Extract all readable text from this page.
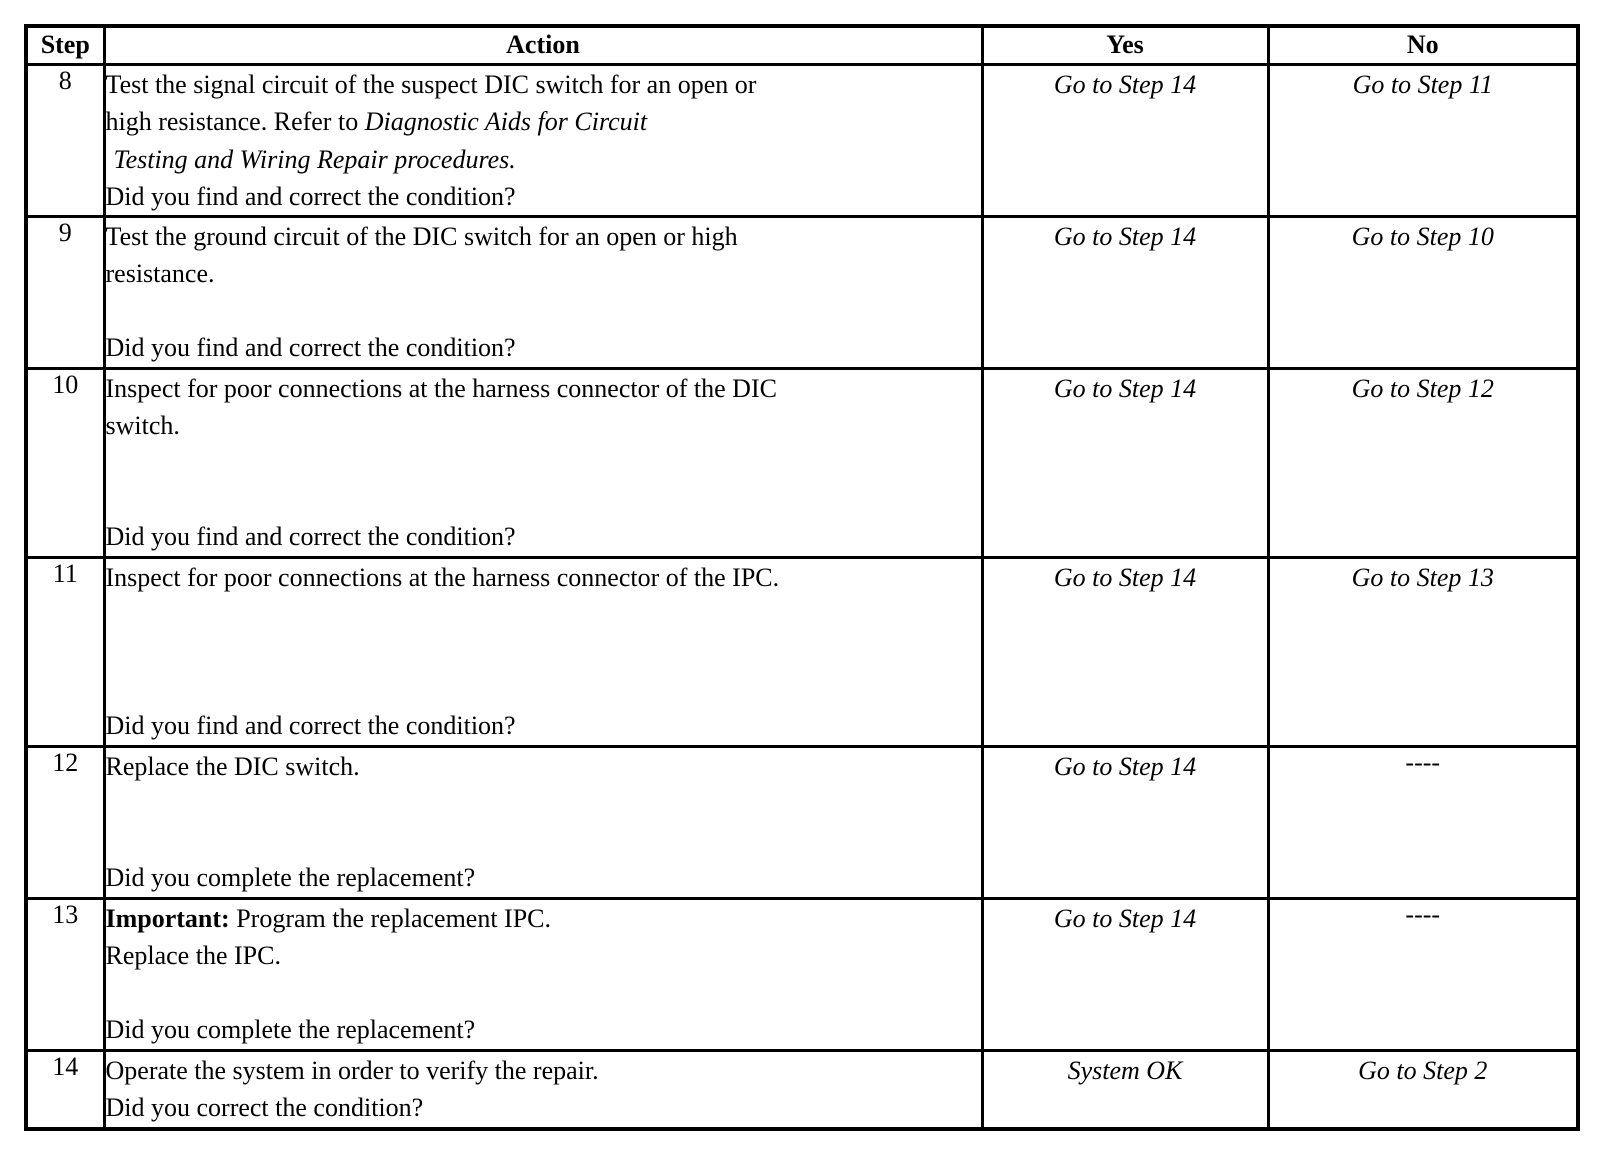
Step	Action	Yes	No
8	Test the signal circuit of the suspect DIC switch for an open or

high resistance. Refer to Diagnostic Aids for Circuit

Testing and Wiring Repair procedures.

Did you find and correct the condition?	Go to Step 14	Go to Step 11
9	Test the ground circuit of the DIC switch for an open or high

resistance.

Did you find and correct the condition?	Go to Step 14	Go to Step 10
10	Inspect for poor connections at the harness connector of the DIC

switch.

Did you find and correct the condition?	Go to Step 14	Go to Step 12
11	Inspect for poor connections at the harness connector of the IPC.

Did you find and correct the condition?	Go to Step 14	Go to Step 13
12	Replace the DIC switch.

Did you complete the replacement?	Go to Step 14	----
13	Important: Program the replacement IPC.

Replace the IPC.

Did you complete the replacement?	Go to Step 14	----
14	Operate the system in order to verify the repair.

Did you correct the condition?	System OK	Go to Step 2
